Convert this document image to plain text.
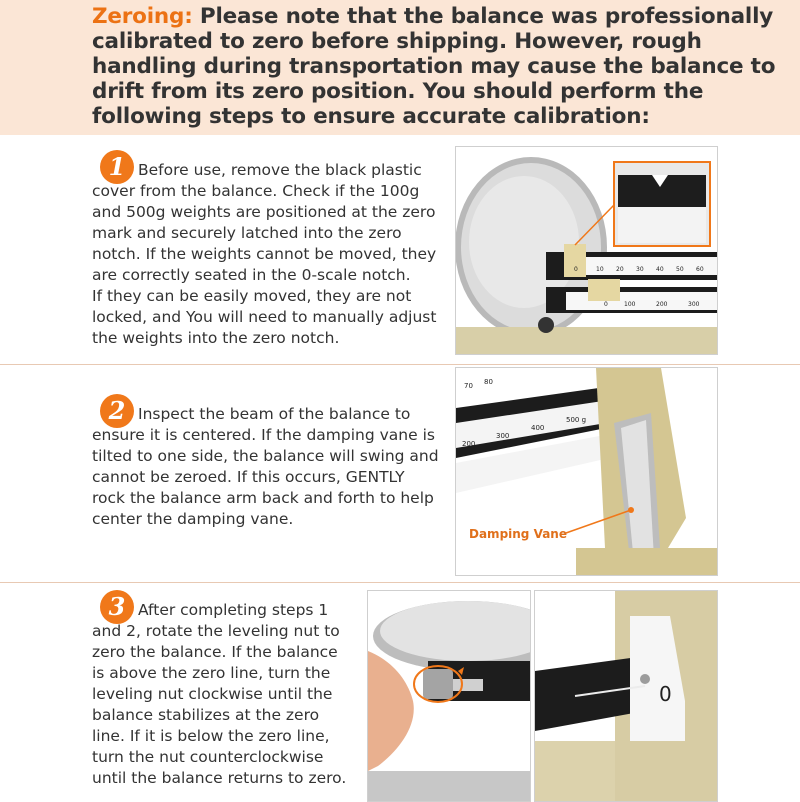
Zeroing: Please note that the balance was professionally calibrated to zero before shipping. However, rough handling during transportation may cause the balance to drift from its zero position. You should perform the following steps to ensure accurate calibration:
1 Before use, remove the black plastic cover from the balance. Check if the 100g and 500g weights are positioned at the zero mark and securely latched into the zero notch. If the weights cannot be moved, they are correctly seated in the 0-scale notch.
If they can be easily moved, they are not locked, and You will need to manually adjust the weights into the zero notch.
0	10 20 30 40 50 60
0	100	200	300
2 Inspect the beam of the balance to ensure it is centered. If the damping vane is tilted to one side, the balance will swing and cannot be zeroed. If this occurs, GENTLY rock the balance arm back and forth to help center the damping vane.
70 80
200
300
400
500 g
Damping Vane
3 After completing steps 1 and 2, rotate the leveling nut to zero the balance. If the balance is above the zero line, turn the leveling nut clockwise until the balance stabilizes at the zero line. If it is below the zero line, turn the nut counterclockwise until the balance returns to zero.
0
